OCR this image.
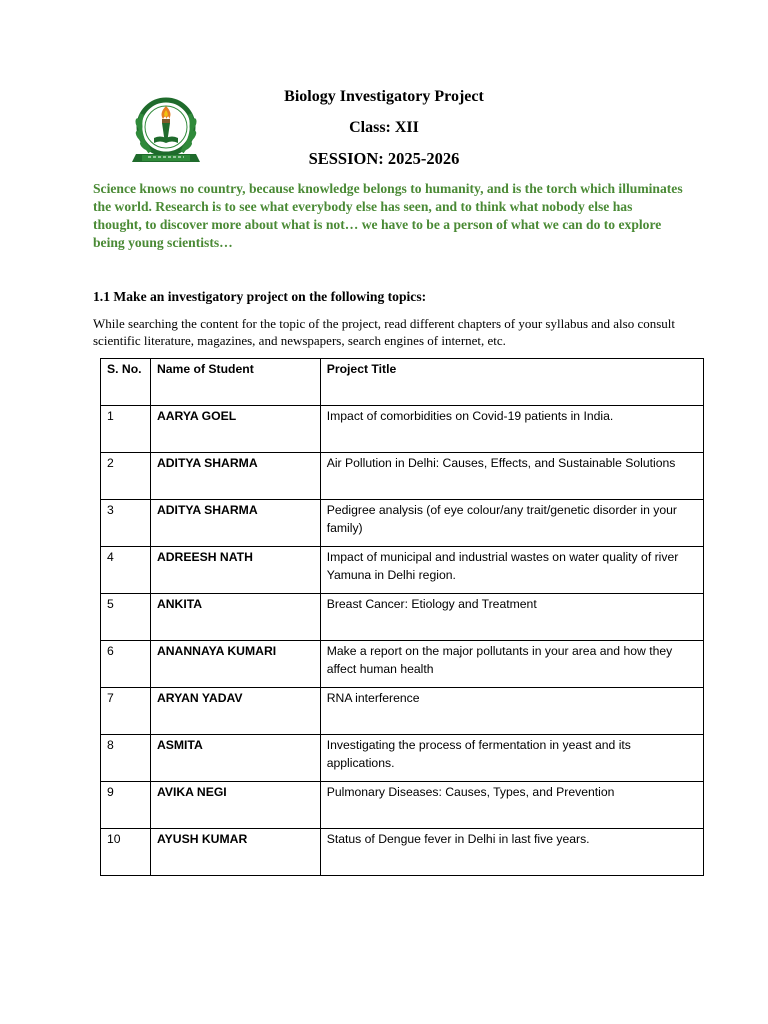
Biology Investigatory Project
Class: XII
SESSION: 2025-2026
Science knows no country, because knowledge belongs to humanity, and is the torch which illuminates the world. Research is to see what everybody else has seen, and to think what nobody else has thought, to discover more about what is not… we have to be a person of what we can do to explore being young scientists…
1.1 Make an investigatory project on the following topics:
While searching the content for the topic of the project, read different chapters of your syllabus and also consult scientific literature, magazines, and newspapers, search engines of internet, etc.
S. No.	Name of Student	Project Title
1	AARYA GOEL	Impact of comorbidities on Covid-19 patients in India.
2	ADITYA SHARMA	Air Pollution in Delhi: Causes, Effects, and Sustainable Solutions
3	ADITYA SHARMA	Pedigree analysis (of eye colour/any trait/genetic disorder in your family)
4	ADREESH NATH	Impact of municipal and industrial wastes on water quality of river Yamuna in Delhi region.
5	ANKITA	Breast Cancer: Etiology and Treatment
6	ANANNAYA KUMARI	Make a report on the major pollutants in your area and how they affect human health
7	ARYAN YADAV	RNA interference
8	ASMITA	Investigating the process of fermentation in yeast and its applications.
9	AVIKA NEGI	Pulmonary Diseases: Causes, Types, and Prevention
10	AYUSH KUMAR	Status of Dengue fever in Delhi in last five years.
